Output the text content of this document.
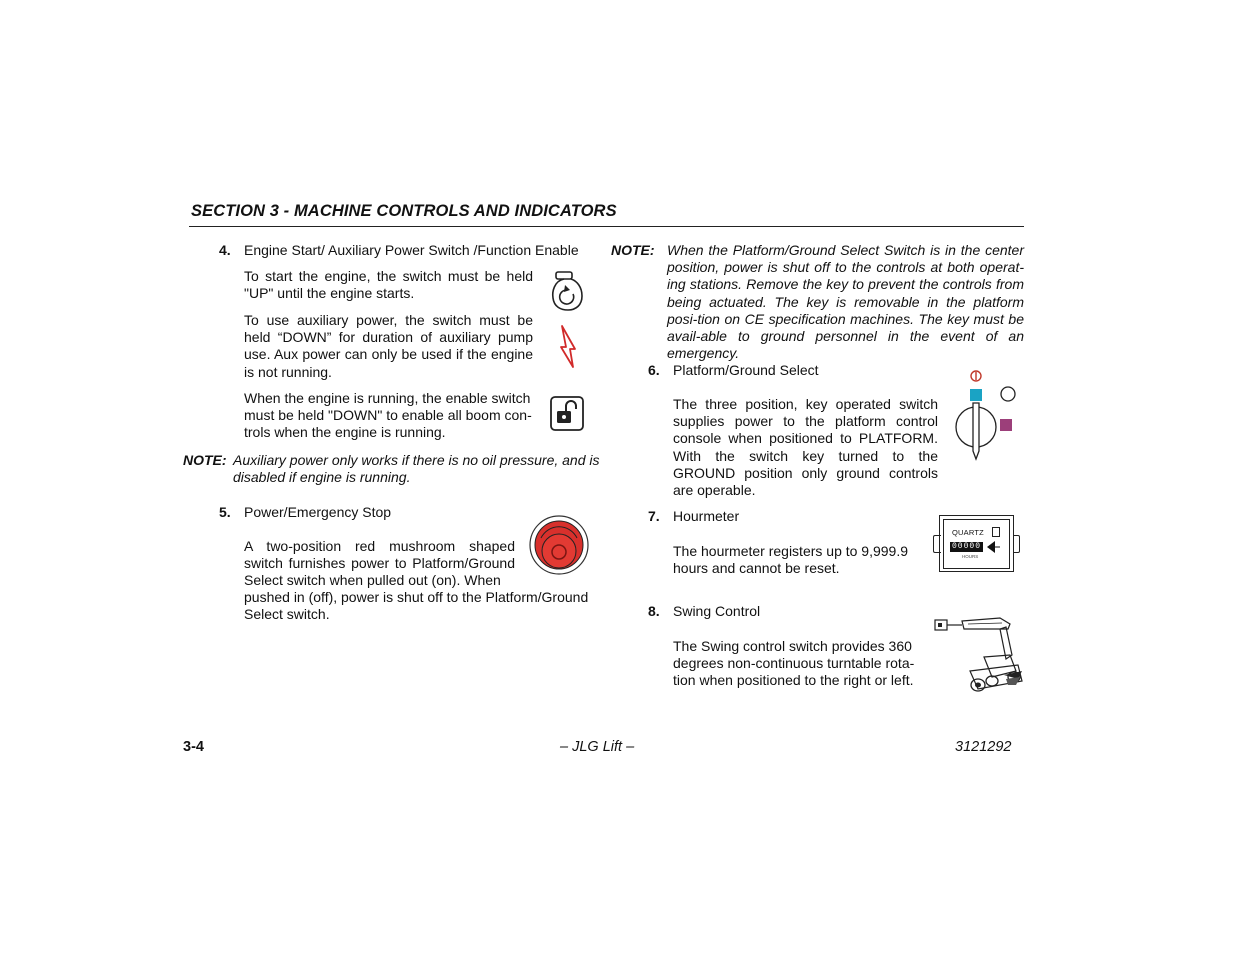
SECTION 3 - MACHINE CONTROLS AND INDICATORS
4. Engine Start/ Auxiliary Power Switch /Function Enable
To start the engine, the switch must be held "UP" until the engine starts.
To use auxiliary power, the switch must be held “DOWN” for duration of auxiliary pump use. Aux power can only be used if the engine is not running.
When the engine is running, the enable switch must be held "DOWN" to enable all boom con-trols when the engine is running.
NOTE: Auxiliary power only works if there is no oil pressure, and is disabled if engine is running.
5. Power/Emergency Stop
A two-position red mushroom shaped switch furnishes power to Platform/Ground Select switch when pulled out (on). When
pushed in (off), power is shut off to the Platform/Ground Select switch.
NOTE: When the Platform/Ground Select Switch is in the center position, power is shut off to the controls at both operat-ing stations. Remove the key to prevent the controls from being actuated. The key is removable in the platform posi-tion on CE specification machines. The key must be avail-able to ground personnel in the event of an emergency.
6. Platform/Ground Select
The three position, key operated switch supplies power to the platform control console when positioned to PLATFORM. With the switch key turned to the GROUND position only ground controls are operable.
7. Hourmeter
The hourmeter registers up to 9,999.9 hours and cannot be reset.
QUARTZ
00000
HOURS
8. Swing Control
The Swing control switch provides 360 degrees non-continuous turntable rota-tion when positioned to the right or left.
3-4	– JLG Lift –	3121292
